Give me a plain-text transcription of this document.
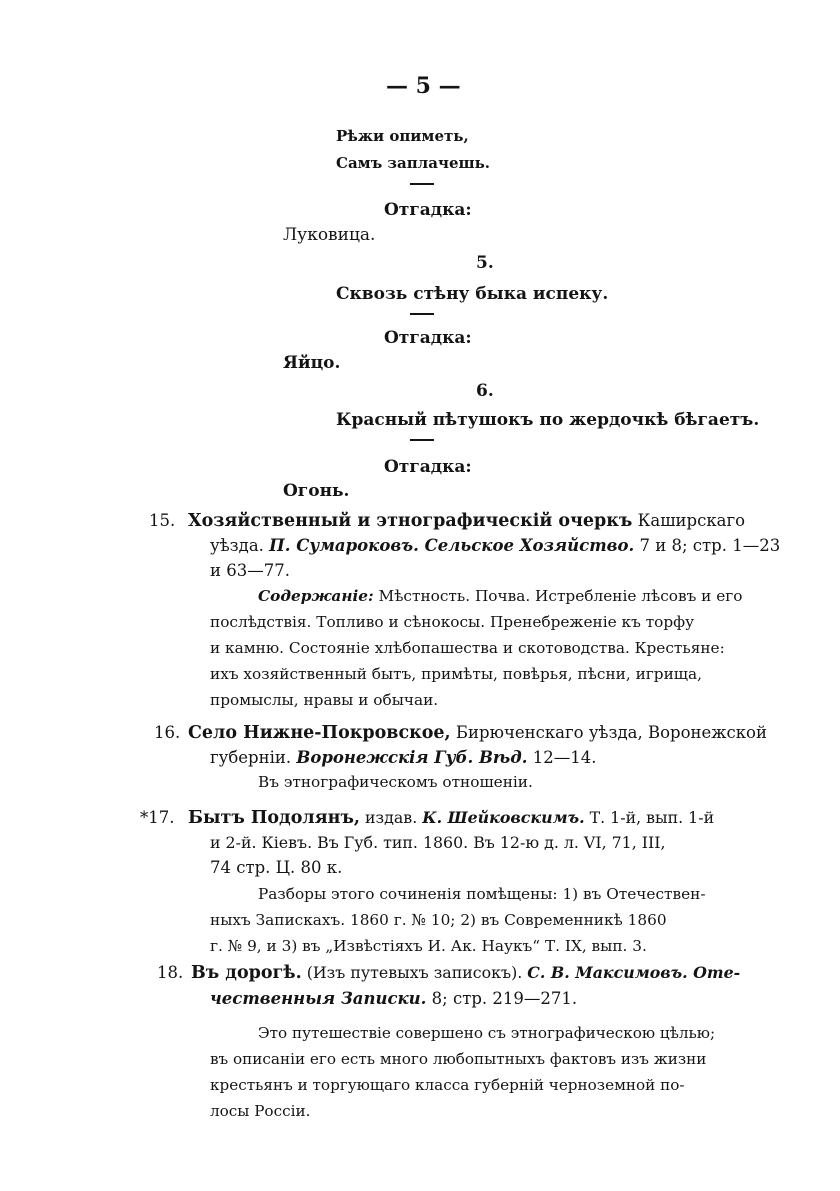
— 5 —
Рѣжи опиметь,
Самъ заплачешь.
Отгадка:
Луковица.
5.
Сквозь стѣну быка испеку.
Отгадка:
Яйцо.
6.
Красный пѣтушокъ по жердочкѣ бѣгаетъ.
Отгадка:
Огонь.
15. Хозяйственный и этнографическій очеркъ Каширскаго
уѣзда. П. Сумароковъ. Сельское Хозяйство. 7 и 8; стр. 1—23
и 63—77.
Содержаніе: Мѣстность. Почва. Истребленіе лѣсовъ и его
послѣдствія. Топливо и сѣнокосы. Пренебреженіе къ торфу
и камню. Состояніе хлѣбопашества и скотоводства. Крестьяне:
ихъ хозяйственный бытъ, примѣты, повѣрья, пѣсни, игрища,
промыслы, нравы и обычаи.
16. Село Нижне-Покровское, Бирюченскаго уѣзда, Воронежской
губерніи. Воронежскія Губ. Вѣд. 12—14.
Въ этнографическомъ отношеніи.
*17. Бытъ Подолянъ, издав. К. Шейковскимъ. Т. 1-й, вып. 1-й
и 2-й. Кіевъ. Въ Губ. тип. 1860. Въ 12-ю д. л. VI, 71, III,
74 стр. Ц. 80 к.
Разборы этого сочиненія помѣщены: 1) въ Отечествен-
ныхъ Запискахъ. 1860 г. № 10; 2) въ Современникѣ 1860
г. № 9, и 3) въ „Извѣстіяхъ И. Ак. Наукъ“ Т. IX, вып. 3.
18. Въ дорогѣ. (Изъ путевыхъ записокъ). С. В. Максимовъ. Оте-
чественныя Записки. 8; стр. 219—271.
Это путешествіе совершено съ этнографическою цѣлью;
въ описаніи его есть много любопытныхъ фактовъ изъ жизни
крестьянъ и торгующаго класса губерній черноземной по-
лосы Россіи.
